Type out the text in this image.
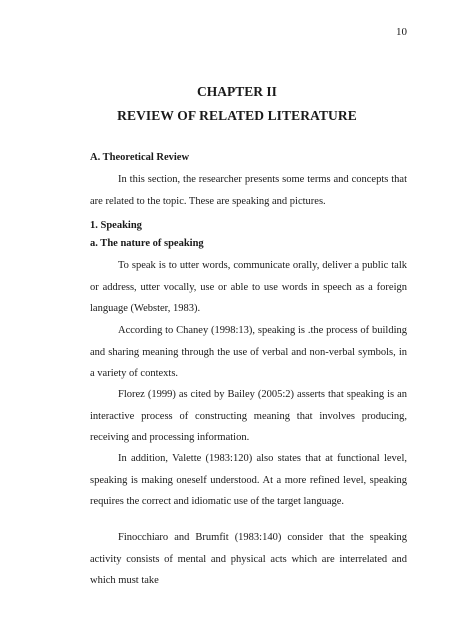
10
CHAPTER II
REVIEW OF RELATED LITERATURE
A. Theoretical Review

In this section, the researcher presents some terms and concepts that are related to the topic. These are speaking and pictures.

1. Speaking
a. The nature of speaking

To speak is to utter words, communicate orally, deliver a public talk or address, utter vocally, use or able to use words in speech as a foreign language (Webster, 1983).

According to Chaney (1998:13), speaking is .the process of building and sharing meaning through the use of verbal and non-verbal symbols, in a variety of contexts.

Florez (1999) as cited by Bailey (2005:2) asserts that speaking is an interactive process of constructing meaning that involves producing, receiving and processing information.

In addition, Valette (1983:120) also states that at functional level, speaking is making oneself understood. At a more refined level, speaking requires the correct and idiomatic use of the target language.

Finocchiaro and Brumfit (1983:140) consider that the speaking activity consists of mental and physical acts which are interrelated and which must take
